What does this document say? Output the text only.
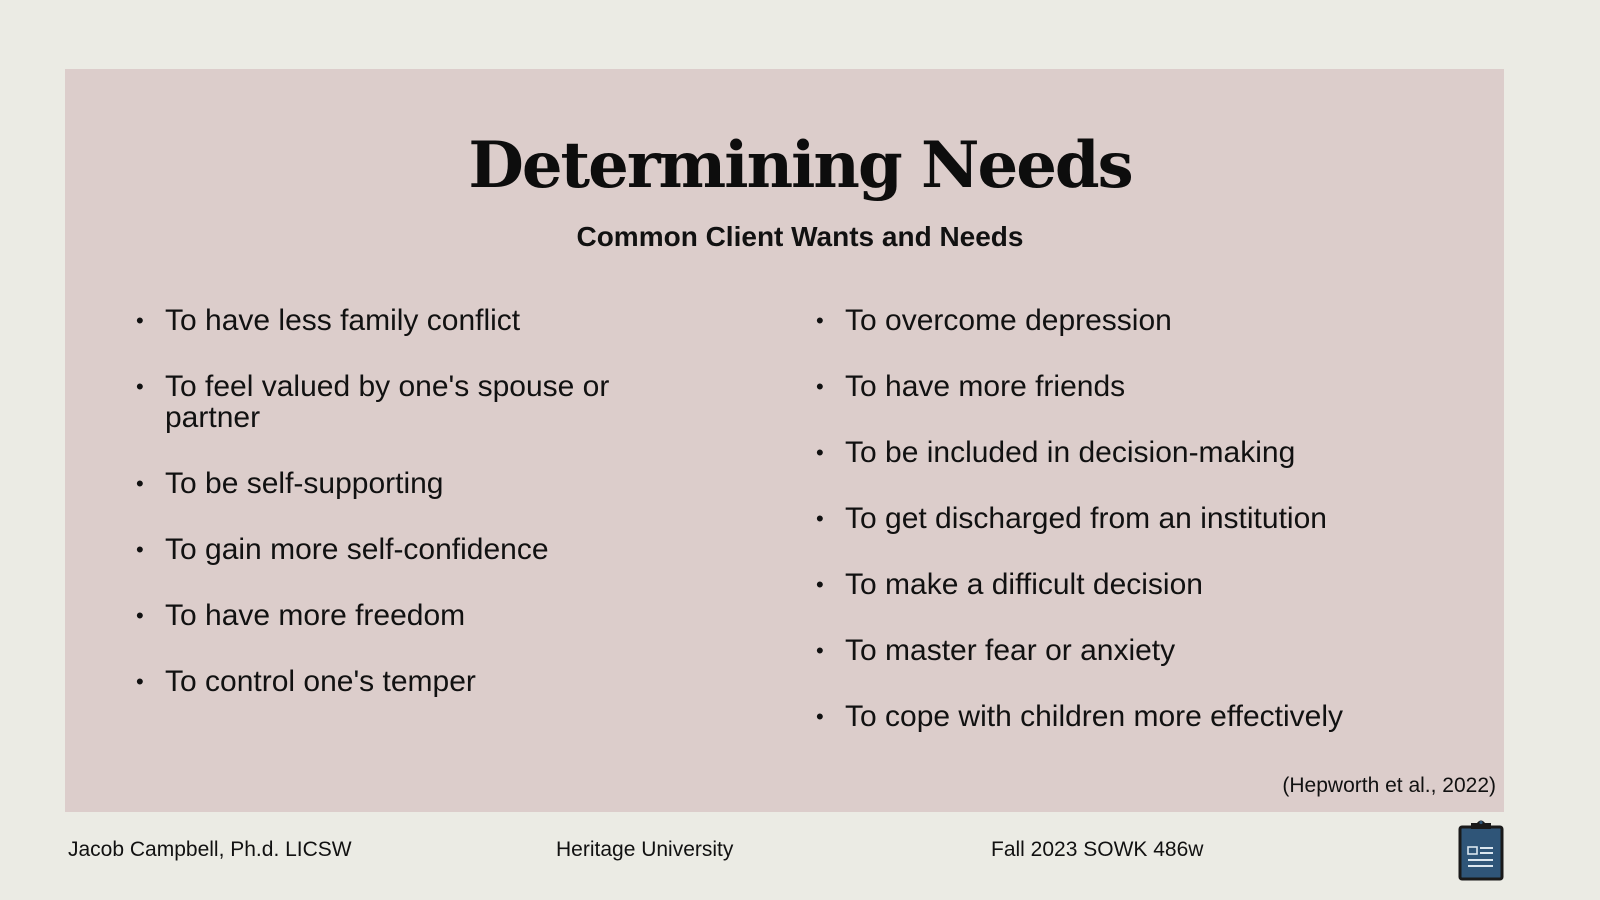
Determining Needs
Common Client Wants and Needs
• To have less family conflict
• To feel valued by one's spouse or partner
• To be self-supporting
• To gain more self-confidence
• To have more freedom
• To control one's temper
• To overcome depression
• To have more friends
• To be included in decision-making
• To get discharged from an institution
• To make a difficult decision
• To master fear or anxiety
• To cope with children more effectively
(Hepworth et al., 2022)
Jacob Campbell, Ph.d. LICSW	Heritage University	Fall 2023 SOWK 486w
